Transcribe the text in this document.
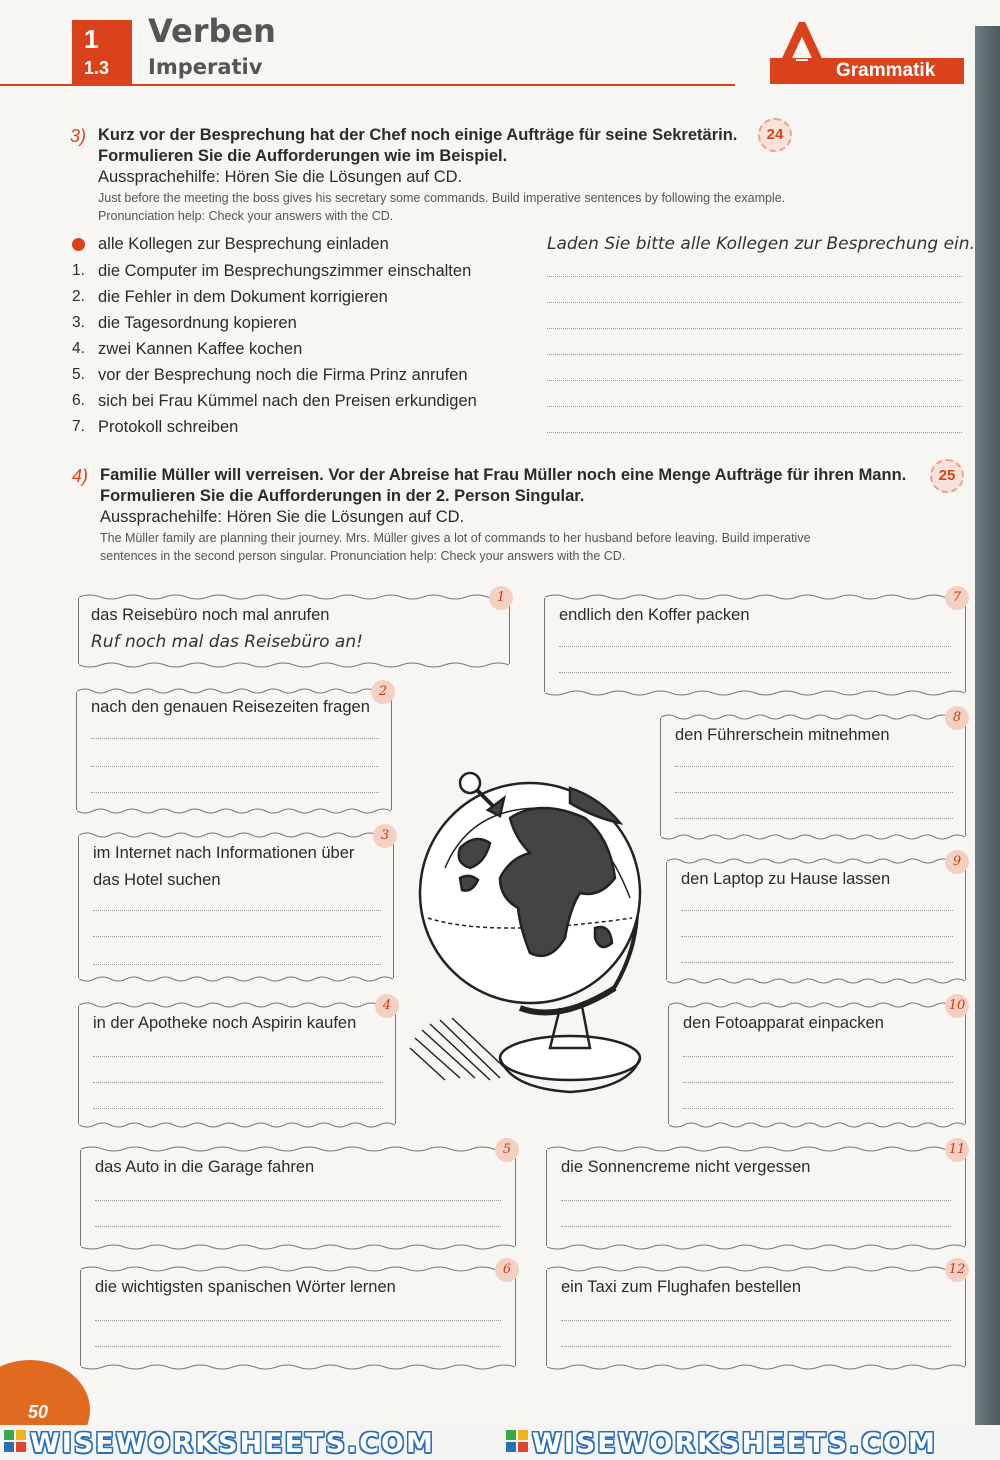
1
1.3
Verben
Imperativ	Grammatik
3) Kurz vor der Besprechung hat der Chef noch einige Aufträge für seine Sekretärin.	24
Formulieren Sie die Aufforderungen wie im Beispiel.
Aussprachehilfe: Hören Sie die Lösungen auf CD.
Just before the meeting the boss gives his secretary some commands. Build imperative sentences by following the example.
Pronunciation help: Check your answers with the CD.
alle Kollegen zur Besprechung einladen	Laden Sie bitte alle Kollegen zur Besprechung ein.
1. die Computer im Besprechungszimmer einschalten
2. die Fehler in dem Dokument korrigieren
3. die Tagesordnung kopieren
4. zwei Kannen Kaffee kochen
5. vor der Besprechung noch die Firma Prinz anrufen
6. sich bei Frau Kümmel nach den Preisen erkundigen
7. Protokoll schreiben
4) Familie Müller will verreisen. Vor der Abreise hat Frau Müller noch eine Menge Aufträge für ihren Mann.	25
Formulieren Sie die Aufforderungen in der 2. Person Singular.
Aussprachehilfe: Hören Sie die Lösungen auf CD.
The Müller family are planning their journey. Mrs. Müller gives a lot of commands to her husband before leaving. Build imperative
sentences in the second person singular. Pronunciation help: Check your answers with the CD.
das Reisebüro noch mal anrufen
Ruf noch mal das Reisebüro an!
1
nach den genauen Reisezeiten fragen
2
im Internet nach Informationen über
das Hotel suchen
3
in der Apotheke noch Aspirin kaufen
4
das Auto in die Garage fahren
5
die wichtigsten spanischen Wörter lernen
6
endlich den Koffer packen
7
den Führerschein mitnehmen
8
den Laptop zu Hause lassen
9
den Fotoapparat einpacken
10
die Sonnencreme nicht vergessen
11
ein Taxi zum Flughafen bestellen
12
50
WISEWORKSHEETS.COM	WISEWORKSHEETS.COM
